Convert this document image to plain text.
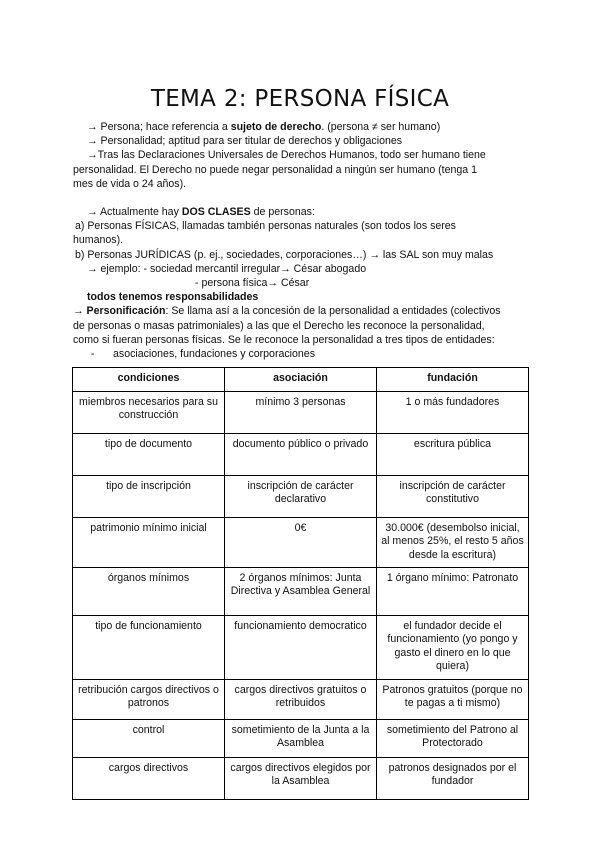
TEMA 2: PERSONA FÍSICA
→ Persona; hace referencia a sujeto de derecho. (persona ≠ ser humano)
→ Personalidad; aptitud para ser titular de derechos y obligaciones
→Tras las Declaraciones Universales de Derechos Humanos, todo ser humano tiene
personalidad. El Derecho no puede negar personalidad a ningún ser humano (tenga 1
mes de vida o 24 años).
→ Actualmente hay DOS CLASES de personas:
a) Personas FÍSICAS, llamadas también personas naturales (son todos los seres
humanos).
b) Personas JURÍDICAS (p. ej., sociedades, corporaciones…) → las SAL son muy malas
→ ejemplo: - sociedad mercantil irregular→ César abogado
- persona física→ César
todos tenemos responsabilidades
→ Personificación: Se llama así a la concesión de la personalidad a entidades (colectivos
de personas o masas patrimoniales) a las que el Derecho les reconoce la personalidad,
como si fueran personas físicas. Se le reconoce la personalidad a tres tipos de entidades:
- asociaciones, fundaciones y corporaciones
condiciones	asociación	fundación
miembros necesarios para su construcción	mínimo 3 personas	1 o más fundadores
tipo de documento	documento público o privado	escritura pública
tipo de inscripción	inscripción de carácter declarativo	inscripción de carácter constitutivo
patrimonio mínimo inicial	0€	30.000€ (desembolso inicial, al menos 25%, el resto 5 años desde la escritura)
órganos mínimos	2 órganos mínimos: Junta Directiva y Asamblea General	1 órgano mínimo: Patronato
tipo de funcionamiento	funcionamiento democratico	el fundador decide el funcionamiento (yo pongo y gasto el dinero en lo que quiera)
retribución cargos directivos o patronos	cargos directivos gratuitos o retribuidos	Patronos gratuitos (porque no te pagas a ti mismo)
control	sometimiento de la Junta a la Asamblea	sometimiento del Patrono al Protectorado
cargos directivos	cargos directivos elegidos por la Asamblea	patronos designados por el fundador
